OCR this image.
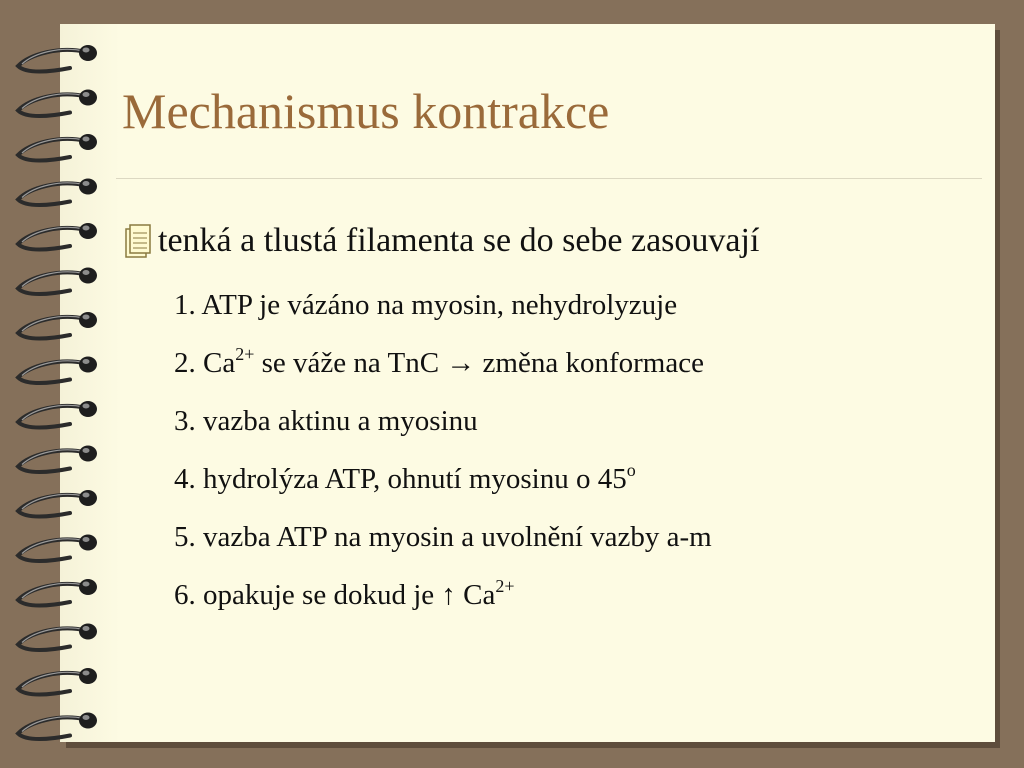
Mechanismus kontrakce
tenká a tlustá filamenta se do sebe zasouvají
1. ATP je vázáno na myosin, nehydrolyzuje
2. $Ca^{2+}$ se váže na TnC → změna konformace
3. vazba aktinu a myosinu
4. hydrolýza ATP, ohnutí myosinu o 45$^o$
5. vazba ATP na myosin a uvolnění vazby a-m
6. opakuje se dokud je ↑ $Ca^{2+}$
